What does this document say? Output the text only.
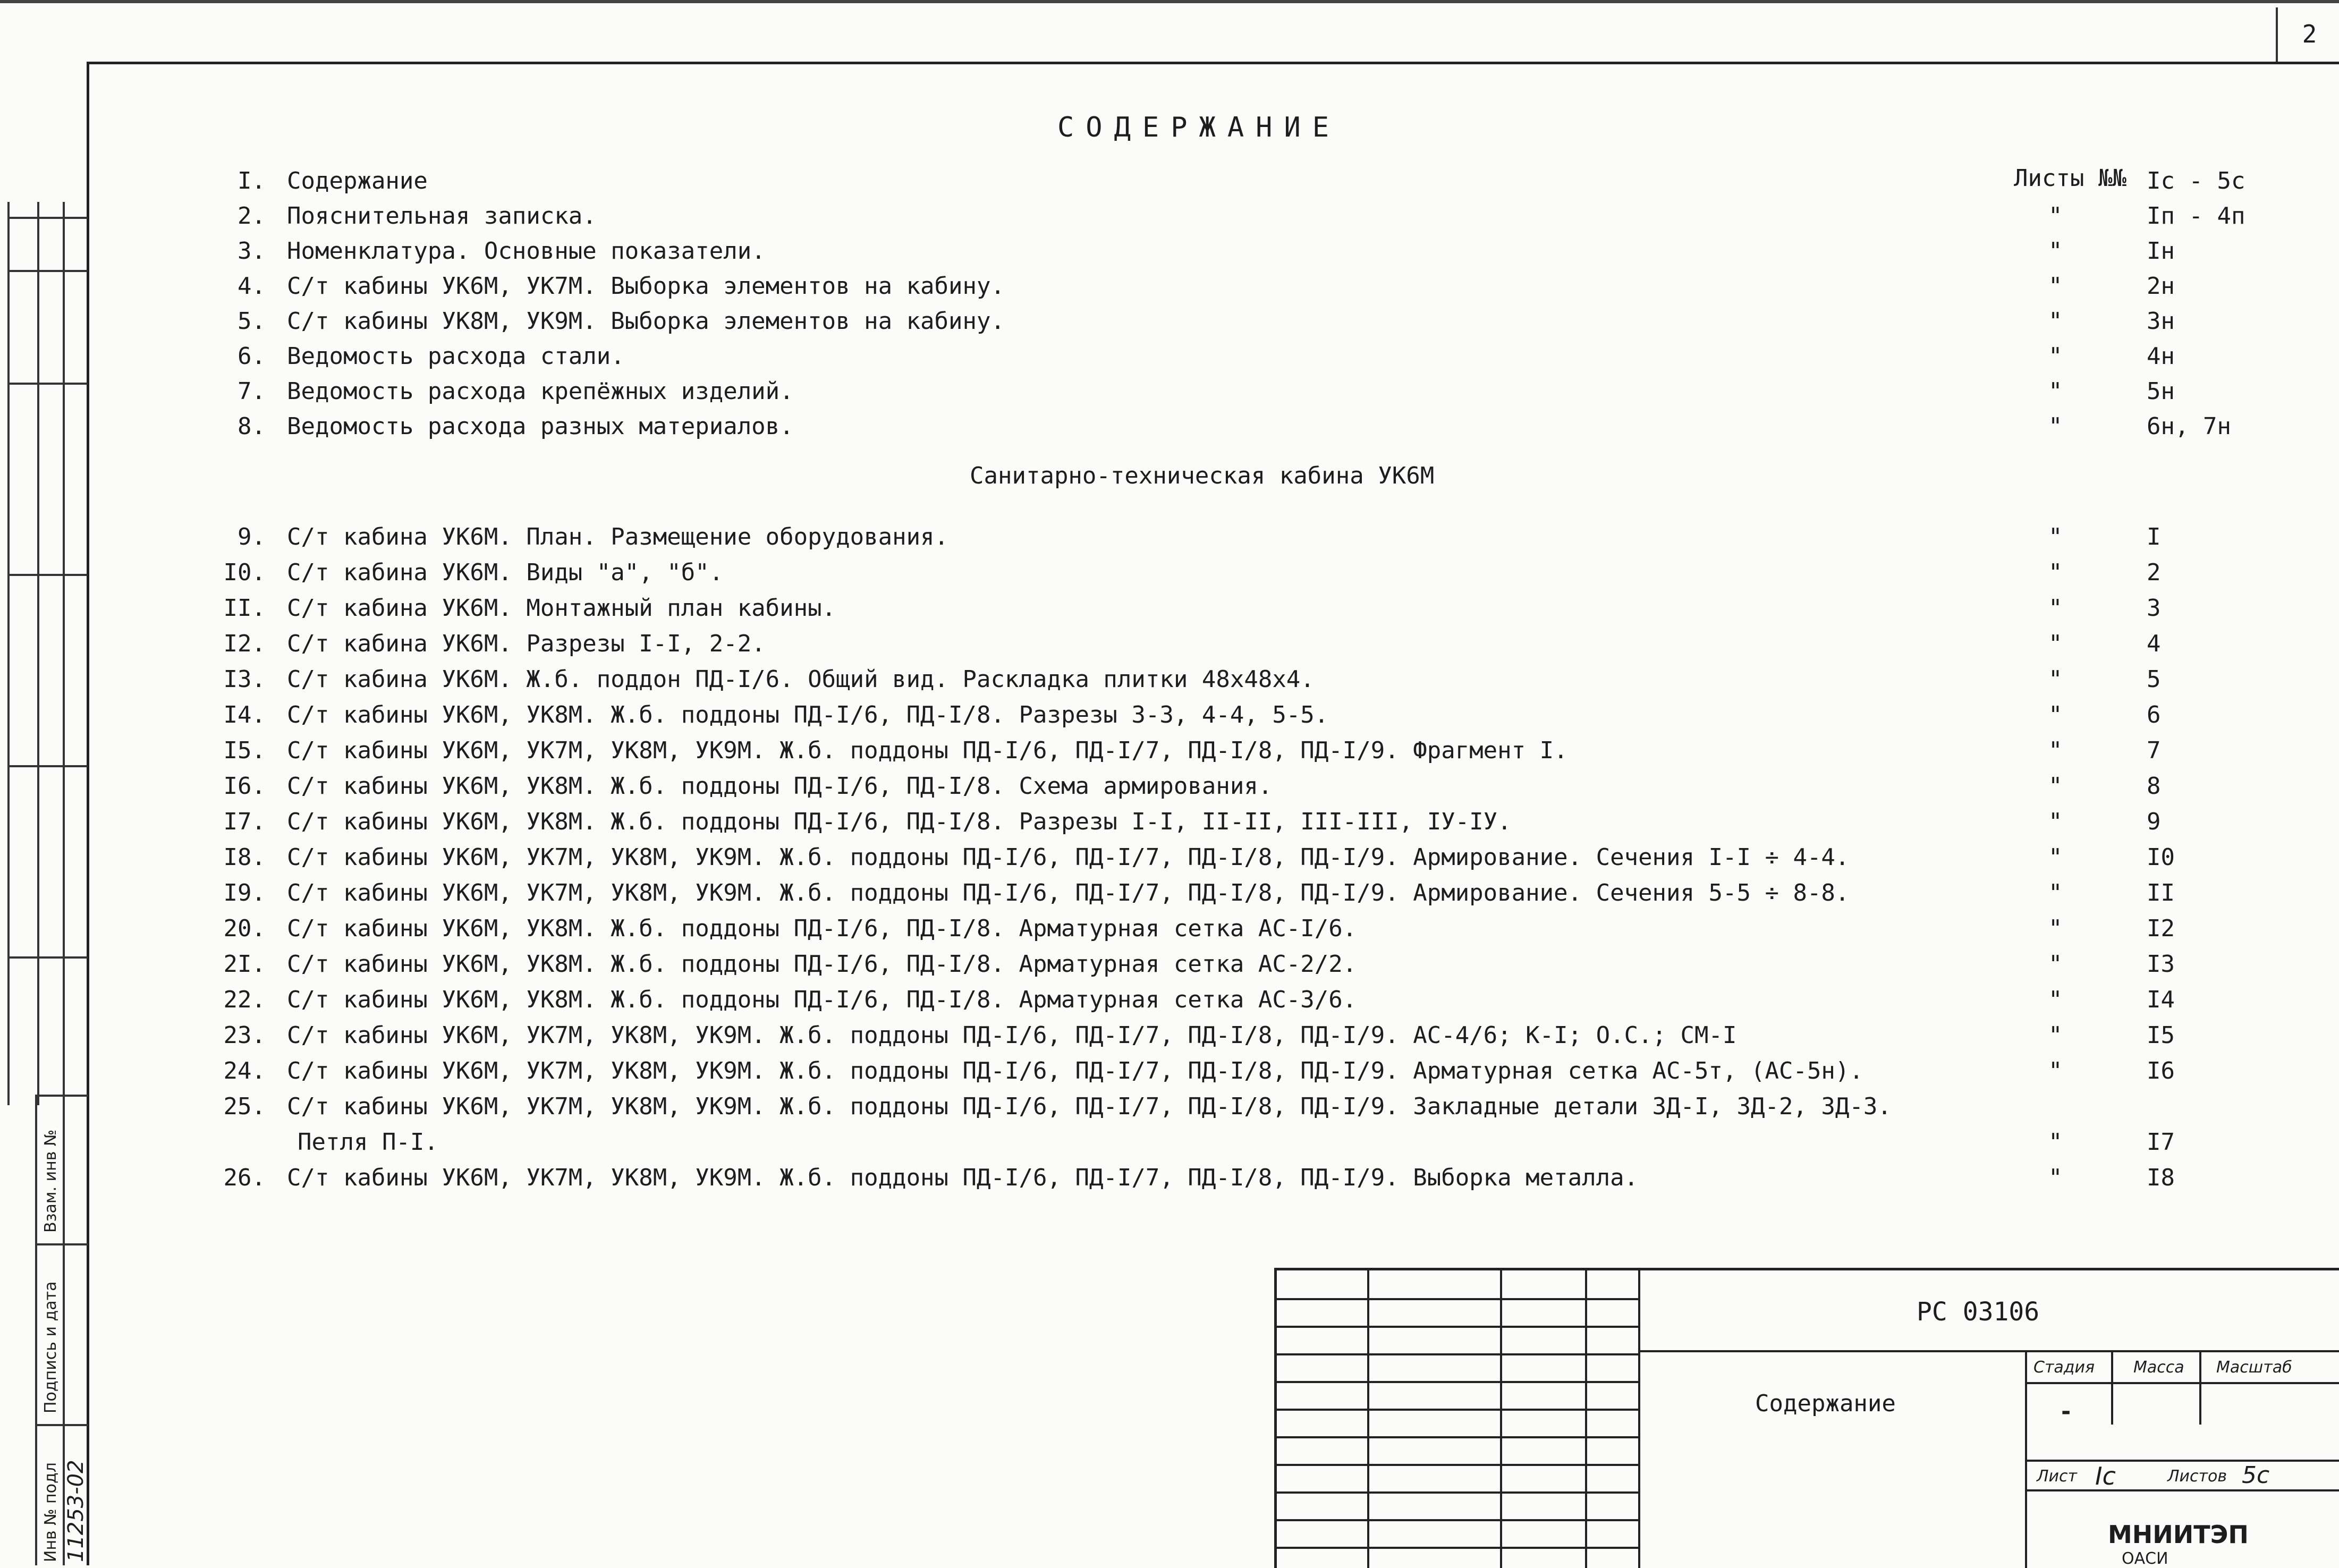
2
Взам. инв №
Подпись и дата
Инв № подл 11253-02
СОДЕРЖАНИЕ
Листы №№
I. Содержание	Iс - 5с
2. Пояснительная записка.	"	Iп - 4п
3. Номенклатура. Основные показатели.	"	Iн
4. С/т кабины УК6М, УК7М. Выборка элементов на кабину.	"	2н
5. С/т кабины УК8М, УК9М. Выборка элементов на кабину.	"	3н
6. Ведомость расхода стали.	"	4н
7. Ведомость расхода крепёжных изделий.	"	5н
8. Ведомость расхода разных материалов.	"	6н, 7н
Санитарно-техническая кабина УК6М
9. С/т кабина УК6М. План. Размещение оборудования.	"	I
I0. С/т кабина УК6М. Виды "а", "б".	"	2
II. С/т кабина УК6М. Монтажный план кабины.	"	3
I2. С/т кабина УК6М. Разрезы I-I, 2-2.	"	4
I3. С/т кабина УК6М. Ж.б. поддон ПД-I/6. Общий вид. Раскладка плитки 48х48х4.	"	5
I4. С/т кабины УК6М, УК8М. Ж.б. поддоны ПД-I/6, ПД-I/8. Разрезы 3-3, 4-4, 5-5.	"	6
I5. С/т кабины УК6М, УК7М, УК8М, УК9М. Ж.б. поддоны ПД-I/6, ПД-I/7, ПД-I/8, ПД-I/9. Фрагмент I.	"	7
I6. С/т кабины УК6М, УК8М. Ж.б. поддоны ПД-I/6, ПД-I/8. Схема армирования.	"	8
I7. С/т кабины УК6М, УК8М. Ж.б. поддоны ПД-I/6, ПД-I/8. Разрезы I-I, II-II, III-III, IУ-IУ.	"	9
I8. С/т кабины УК6М, УК7М, УК8М, УК9М. Ж.б. поддоны ПД-I/6, ПД-I/7, ПД-I/8, ПД-I/9. Армирование. Сечения I-I ÷ 4-4.	"	I0
I9. С/т кабины УК6М, УК7М, УК8М, УК9М. Ж.б. поддоны ПД-I/6, ПД-I/7, ПД-I/8, ПД-I/9. Армирование. Сечения 5-5 ÷ 8-8.	"	II
20. С/т кабины УК6М, УК8М. Ж.б. поддоны ПД-I/6, ПД-I/8. Арматурная сетка АС-I/6.	"	I2
2I. С/т кабины УК6М, УК8М. Ж.б. поддоны ПД-I/6, ПД-I/8. Арматурная сетка АС-2/2.	"	I3
22. С/т кабины УК6М, УК8М. Ж.б. поддоны ПД-I/6, ПД-I/8. Арматурная сетка АС-3/6.	"	I4
23. С/т кабины УК6М, УК7М, УК8М, УК9М. Ж.б. поддоны ПД-I/6, ПД-I/7, ПД-I/8, ПД-I/9. АС-4/6; К-I; О.С.; СМ-I	"	I5
24. С/т кабины УК6М, УК7М, УК8М, УК9М. Ж.б. поддоны ПД-I/6, ПД-I/7, ПД-I/8, ПД-I/9. Арматурная сетка АС-5т, (АС-5н).	"	I6
25. С/т кабины УК6М, УК7М, УК8М, УК9М. Ж.б. поддоны ПД-I/6, ПД-I/7, ПД-I/8, ПД-I/9. Закладные детали ЗД-I, ЗД-2, ЗД-3.
Петля П-I.	"	I7
26. С/т кабины УК6М, УК7М, УК8М, УК9М. Ж.б. поддоны ПД-I/6, ПД-I/7, ПД-I/8, ПД-I/9. Выборка металла.	"	I8
РС 03106
Содержание
Стадия Масса Масштаб
-
Лист Iс	Листов 5с
МНИИТЭП
ОАСИ
